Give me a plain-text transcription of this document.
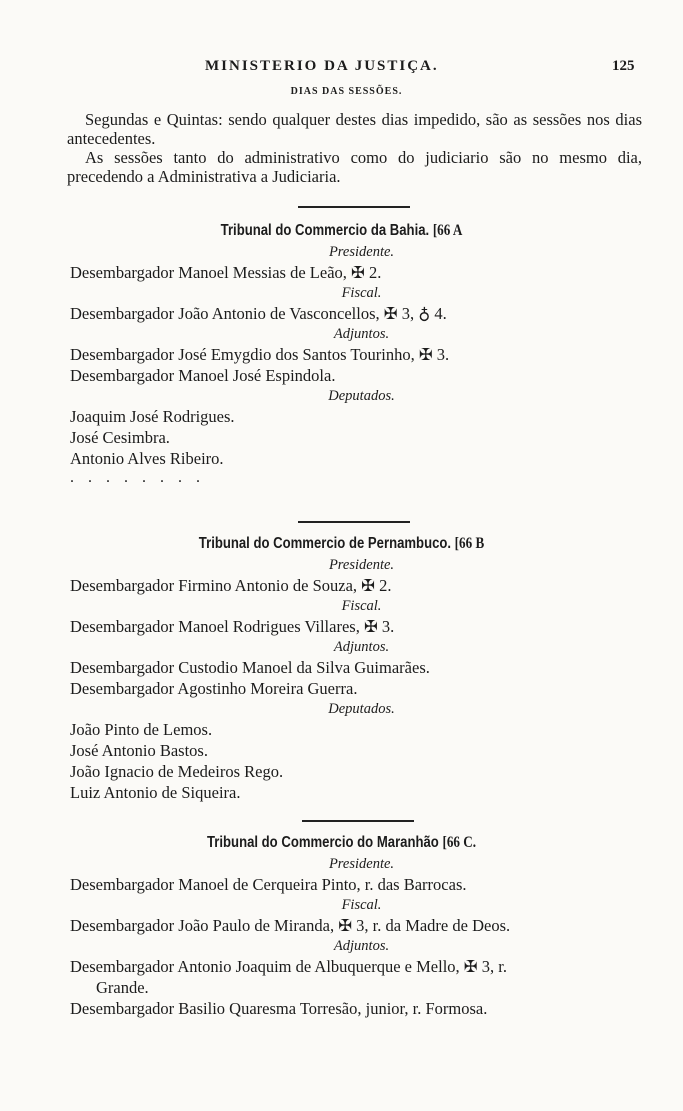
MINISTERIO DA JUSTIÇA.	125
DIAS DAS SESSÕES.

Segundas e Quintas: sendo qualquer destes dias impedido, são as sessões nos dias antecedentes.

As sessões tanto do administrativo como do judiciario são no mesmo dia, precedendo a Administrativa a Judiciaria.

Tribunal do Commercio da Bahia. [66 A
Presidente.
Desembargador Manoel Messias de Leão, ✠ 2.
Fiscal.
Desembargador João Antonio de Vasconcellos, ✠ 3, ♁ 4.
Adjuntos.
Desembargador José Emygdio dos Santos Tourinho, ✠ 3.
Desembargador Manoel José Espindola.
Deputados.
Joaquim José Rodrigues.
José Cesimbra.
Antonio Alves Ribeiro.
........
Tribunal do Commercio de Pernambuco. [66 B
Presidente.
Desembargador Firmino Antonio de Souza, ✠ 2.
Fiscal.
Desembargador Manoel Rodrigues Villares, ✠ 3.
Adjuntos.
Desembargador Custodio Manoel da Silva Guimarães.
Desembargador Agostinho Moreira Guerra.
Deputados.
João Pinto de Lemos.
José Antonio Bastos.
João Ignacio de Medeiros Rego.
Luiz Antonio de Siqueira.
Tribunal do Commercio do Maranhão [66 C.
Presidente.
Desembargador Manoel de Cerqueira Pinto, r. das Barrocas.
Fiscal.
Desembargador João Paulo de Miranda, ✠ 3, r. da Madre de Deos.
Adjuntos.
Desembargador Antonio Joaquim de Albuquerque e Mello, ✠ 3, r.
Grande.
Desembargador Basilio Quaresma Torresão, junior, r. Formosa.
